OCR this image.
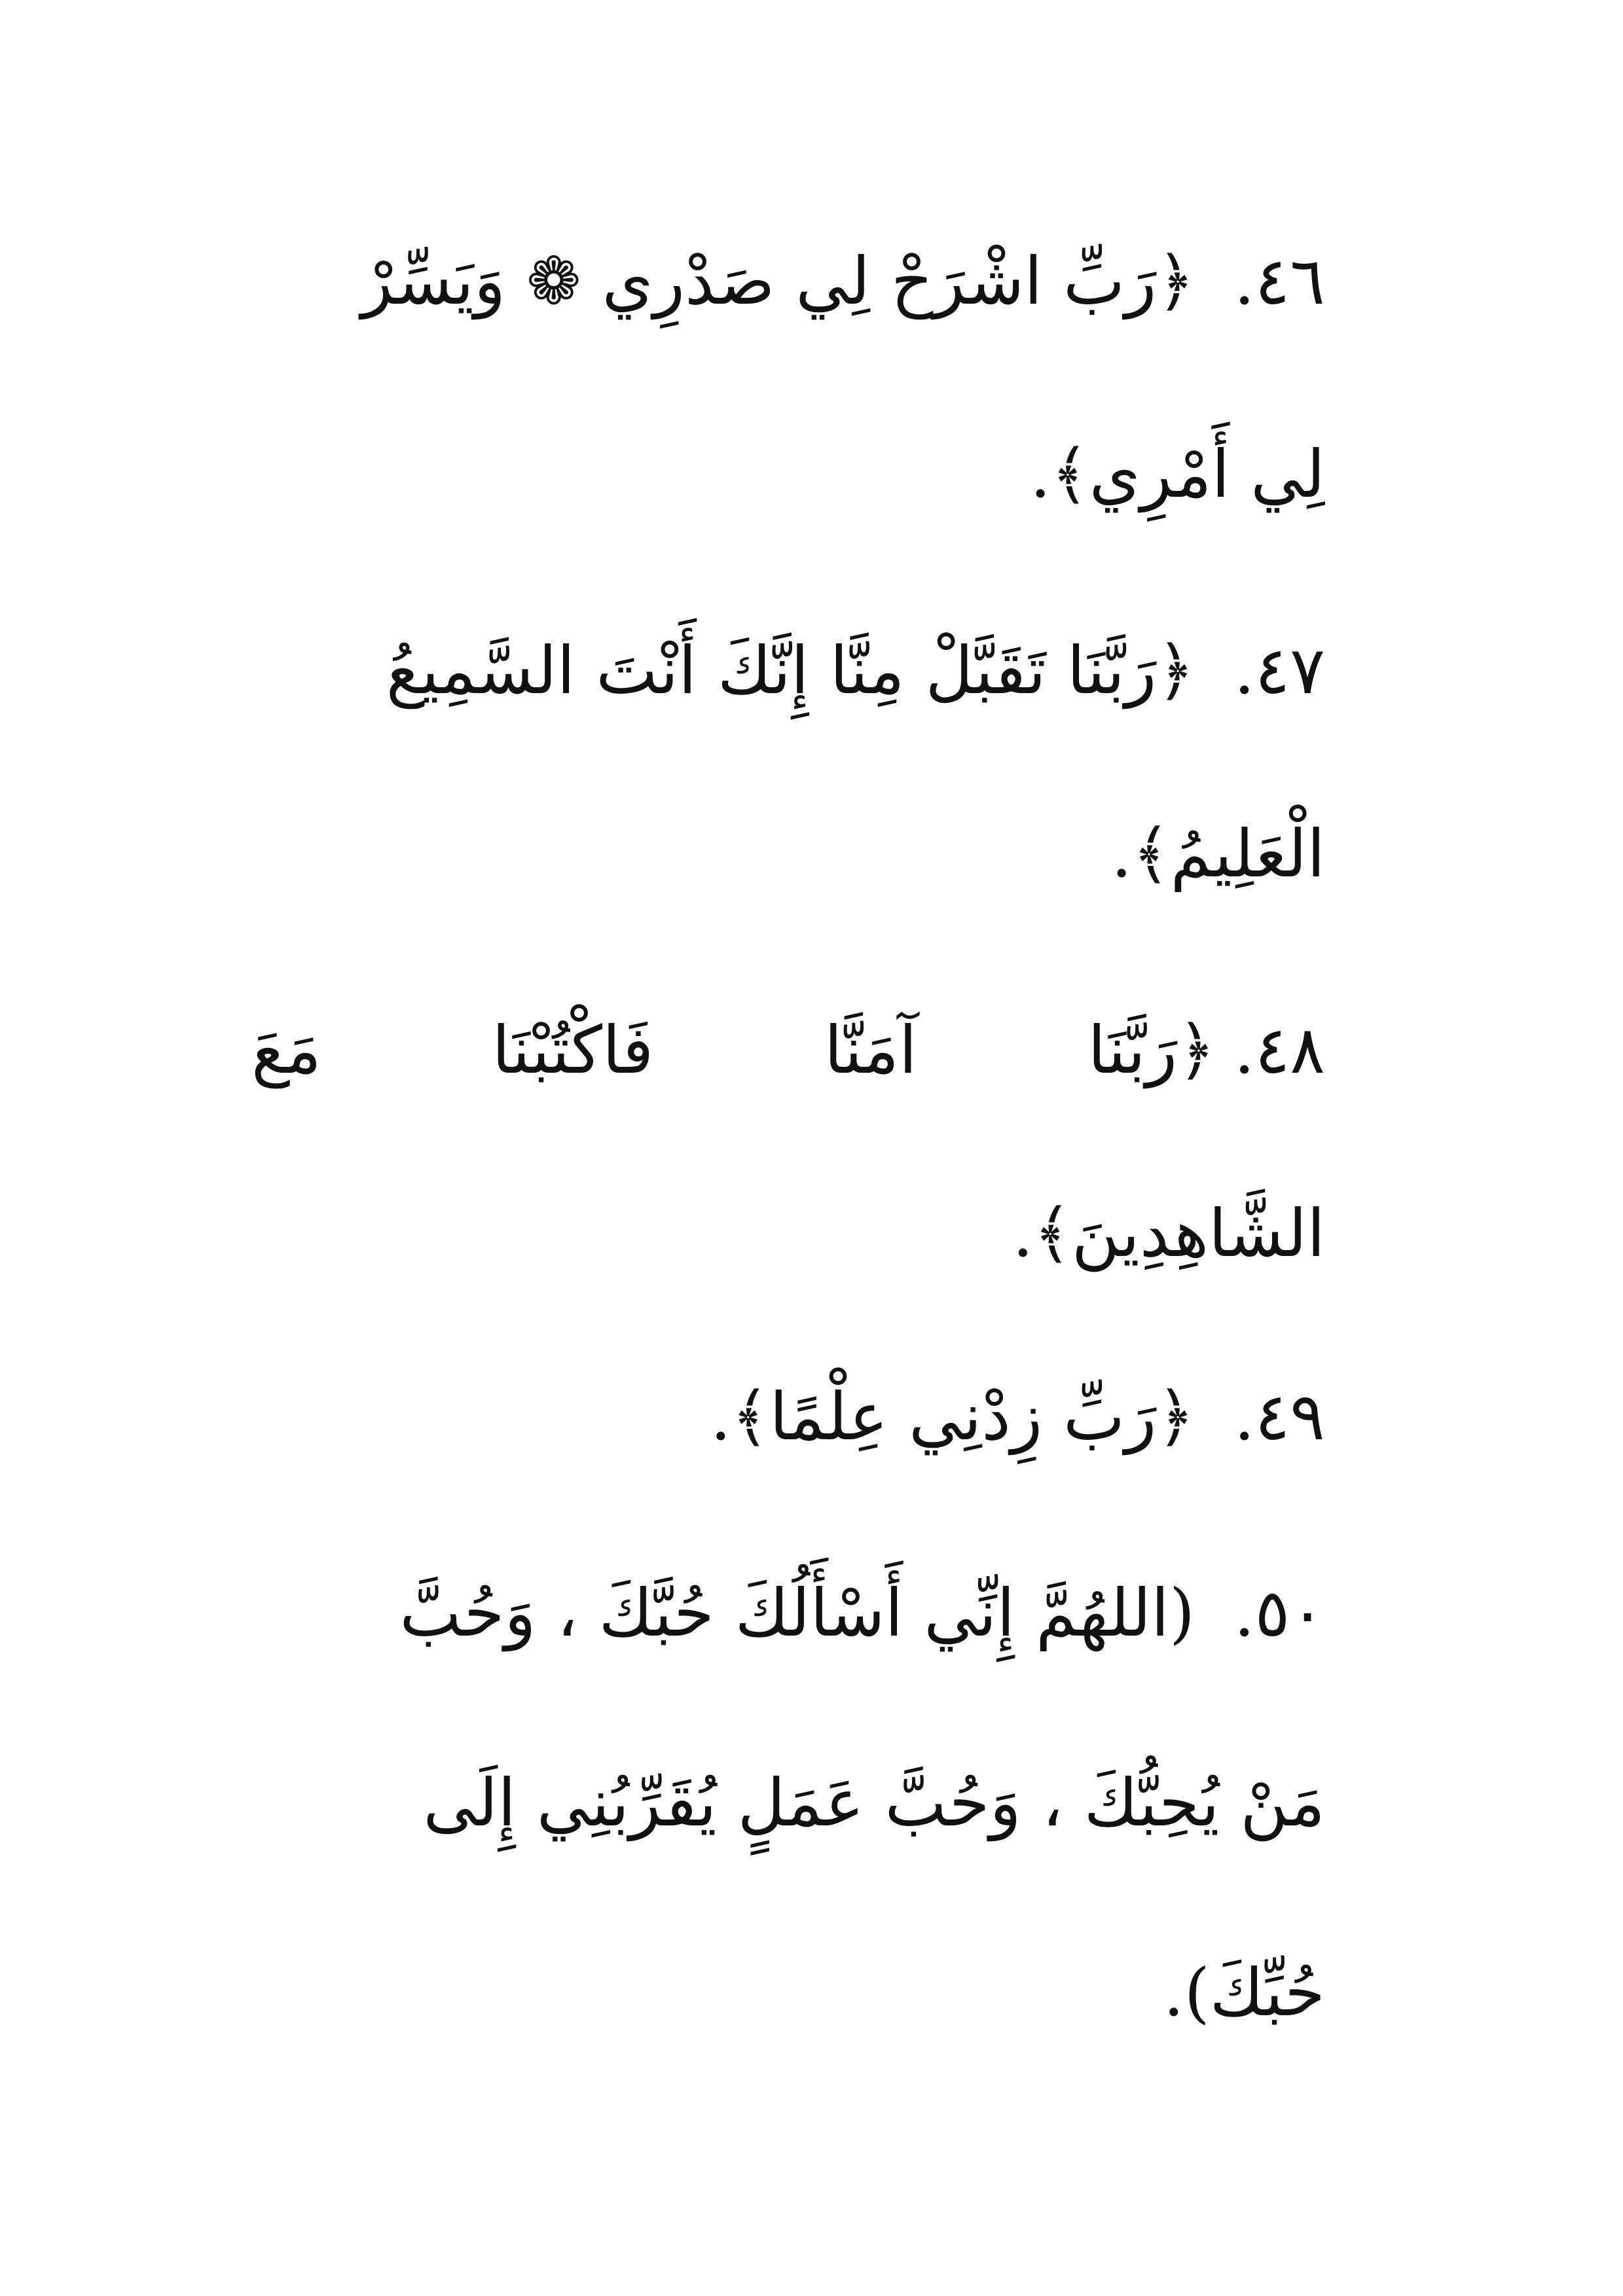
٤٦. ﴿رَبِّ اشْرَحْ لِي صَدْرِي ❁ وَيَسِّرْ
لِي أَمْرِي﴾.
٤٧. ﴿رَبَّنَا تَقَبَّلْ مِنَّا إِنَّكَ أَنْتَ السَّمِيعُ
الْعَلِيمُ﴾.
٤٨.﴿رَبَّنَا
آمَنَّا
فَاكْتُبْنَا
مَعَ
الشَّاهِدِينَ﴾.
٤٩. ﴿رَبِّ زِدْنِي عِلْمًا﴾.
٥٠. (اللهُمَّ إِنِّي أَسْأَلُكَ حُبَّكَ ، وَحُبَّ
مَنْ يُحِبُّكَ ، وَحُبَّ عَمَلٍ يُقَرِّبُنِي إِلَى
حُبِّكَ).
